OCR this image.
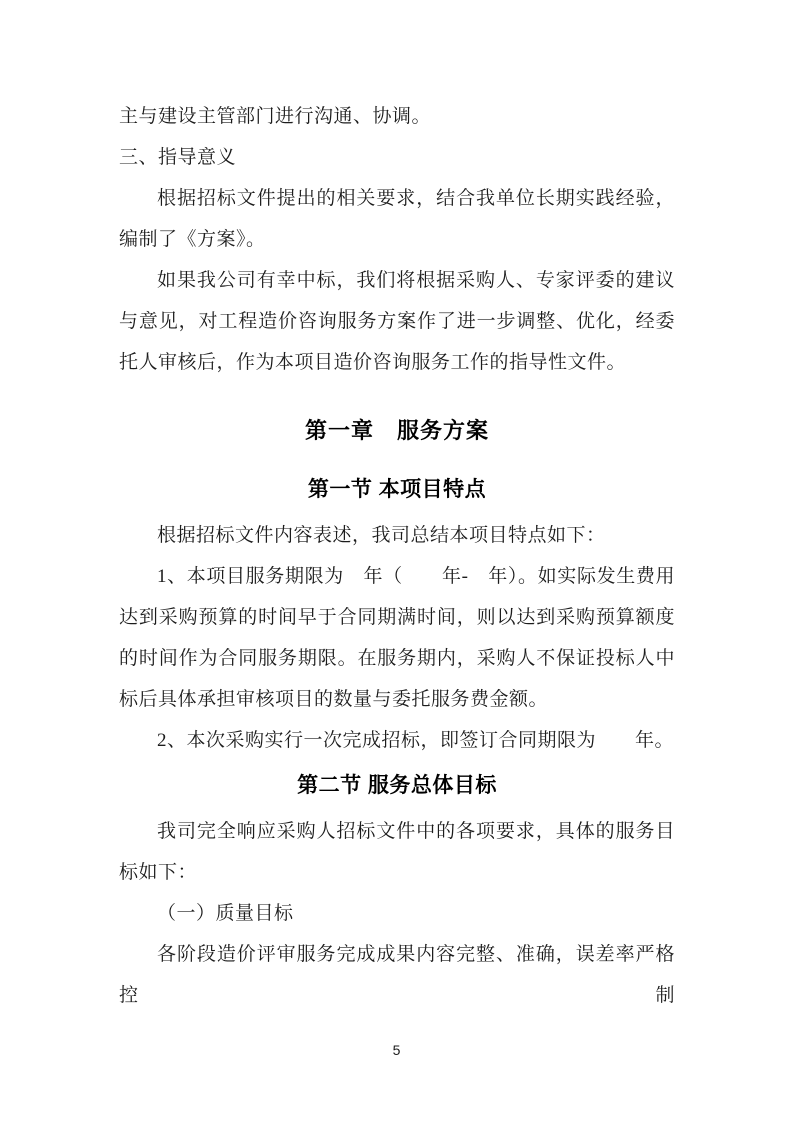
主与建设主管部门进行沟通、协调。

三、指导意义

根据招标文件提出的相关要求，结合我单位长期实践经验，编制了《方案》。

如果我公司有幸中标，我们将根据采购人、专家评委的建议与意见，对工程造价咨询服务方案作了进一步调整、优化，经委托人审核后，作为本项目造价咨询服务工作的指导性文件。

第一章　服务方案
第一节 本项目特点

根据招标文件内容表述，我司总结本项目特点如下：

1、本项目服务期限为　年（　　年-　年）。如实际发生费用达到采购预算的时间早于合同期满时间，则以达到采购预算额度的时间作为合同服务期限。在服务期内，采购人不保证投标人中标后具体承担审核项目的数量与委托服务费金额。

2、本次采购实行一次完成招标，即签订合同期限为　　年。

第二节 服务总体目标

我司完全响应采购人招标文件中的各项要求，具体的服务目标如下：

（一）质量目标

各阶段造价评审服务完成成果内容完整、准确，误差率严格控制

5
